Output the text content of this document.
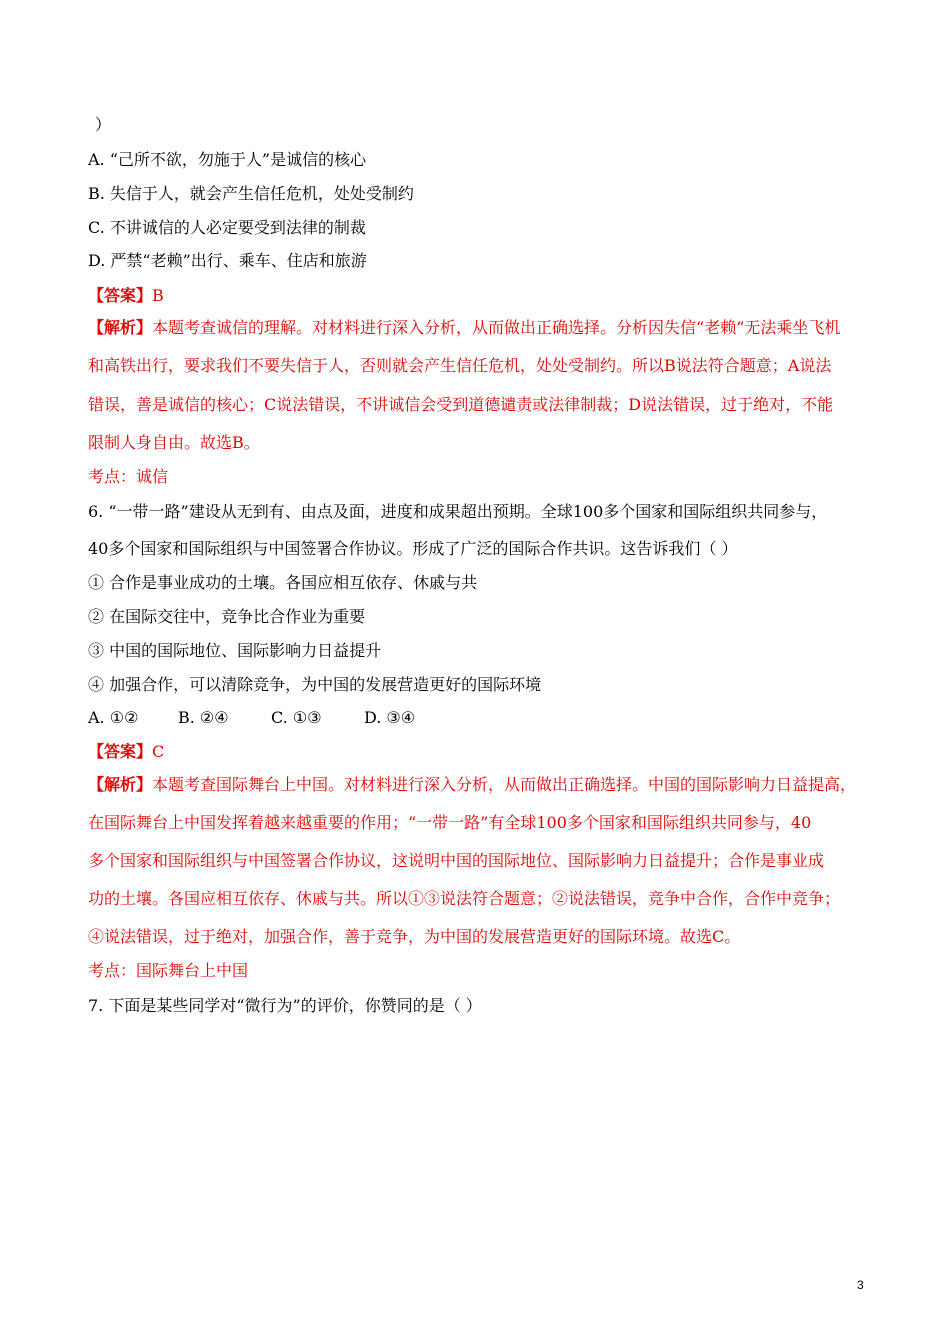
）
A. “己所不欲，勿施于人”是诚信的核心
B. 失信于人，就会产生信任危机，处处受制约
C. 不讲诚信的人必定要受到法律的制裁
D. 严禁“老赖”出行、乘车、住店和旅游
【答案】B
【解析】本题考查诚信的理解。对材料进行深入分析，从而做出正确选择。分析因失信“老赖”无法乘坐飞机
和高铁出行，要求我们不要失信于人，否则就会产生信任危机，处处受制约。所以B说法符合题意；A说法
错误，善是诚信的核心；C说法错误，不讲诚信会受到道德谴责或法律制裁；D说法错误，过于绝对，不能
限制人身自由。故选B。
考点：诚信
6. “一带一路”建设从无到有、由点及面，进度和成果超出预期。全球100多个国家和国际组织共同参与，
40多个国家和国际组织与中国签署合作协议。形成了广泛的国际合作共识。这告诉我们（ ）
① 合作是事业成功的土壤。各国应相互依存、休戚与共
② 在国际交往中，竞争比合作业为重要
③ 中国的国际地位、国际影响力日益提升
④ 加强合作，可以清除竞争，为中国的发展营造更好的国际环境
A. ①② B. ②④	C. ①③	D. ③④
【答案】C
【解析】本题考查国际舞台上中国。对材料进行深入分析，从而做出正确选择。中国的国际影响力日益提高，
在国际舞台上中国发挥着越来越重要的作用；“一带一路”有全球100多个国家和国际组织共同参与，40
多个国家和国际组织与中国签署合作协议，这说明中国的国际地位、国际影响力日益提升；合作是事业成
功的土壤。各国应相互依存、休戚与共。所以①③说法符合题意；②说法错误，竞争中合作，合作中竞争；
④说法错误，过于绝对，加强合作，善于竞争，为中国的发展营造更好的国际环境。故选C。
考点：国际舞台上中国
7. 下面是某些同学对“微行为”的评价，你赞同的是（ ）
3
